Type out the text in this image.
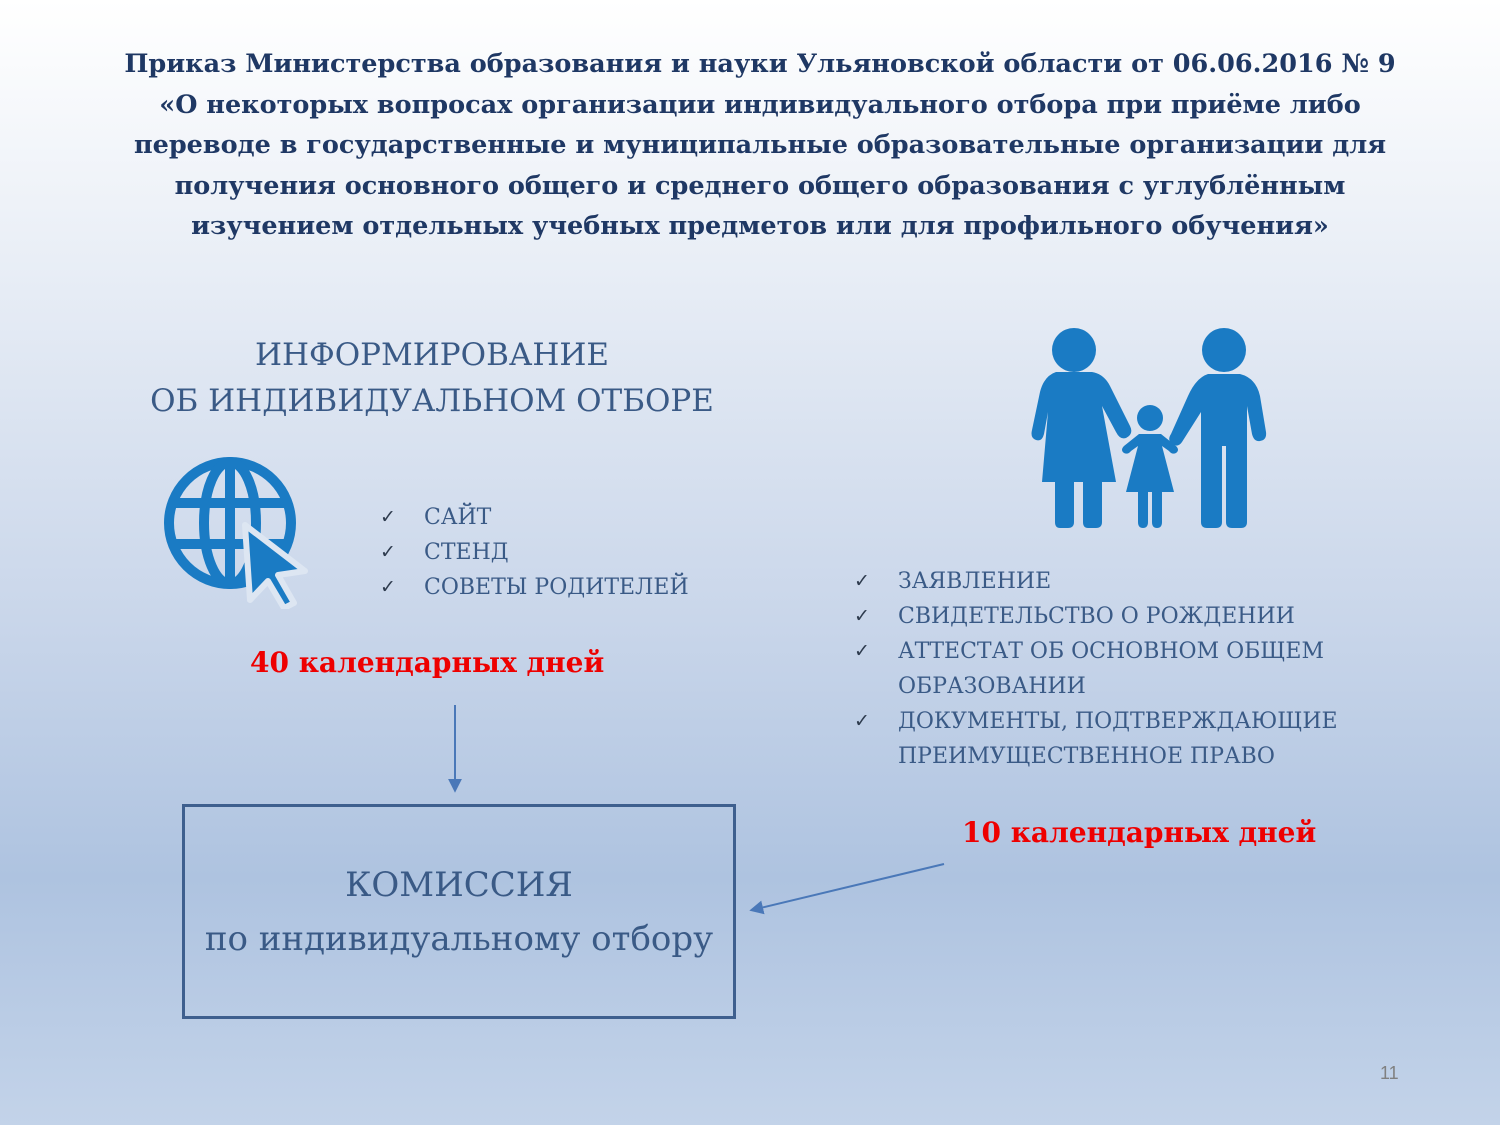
Приказ Министерства образования и науки Ульяновской области от 06.06.2016 № 9
«О некоторых вопросах организации индивидуального отбора при приёме либо
переводе в государственные и муниципальные образовательные организации для
получения основного общего и среднего общего образования с углублённым
изучением отдельных учебных предметов или для профильного обучения»
ИНФОРМИРОВАНИЕ
ОБ ИНДИВИДУАЛЬНОМ ОТБОРЕ
✓ САЙТ
✓ СТЕНД
✓ СОВЕТЫ РОДИТЕЛЕЙ
40 календарных дней
✓ ЗАЯВЛЕНИЕ
✓ СВИДЕТЕЛЬСТВО О РОЖДЕНИИ
✓ АТТЕСТАТ ОБ ОСНОВНОМ ОБЩЕМ
ОБРАЗОВАНИИ
✓ ДОКУМЕНТЫ, ПОДТВЕРЖДАЮЩИЕ
ПРЕИМУЩЕСТВЕННОЕ ПРАВО
10 календарных дней
КОМИССИЯ
по индивидуальному отбору
11
